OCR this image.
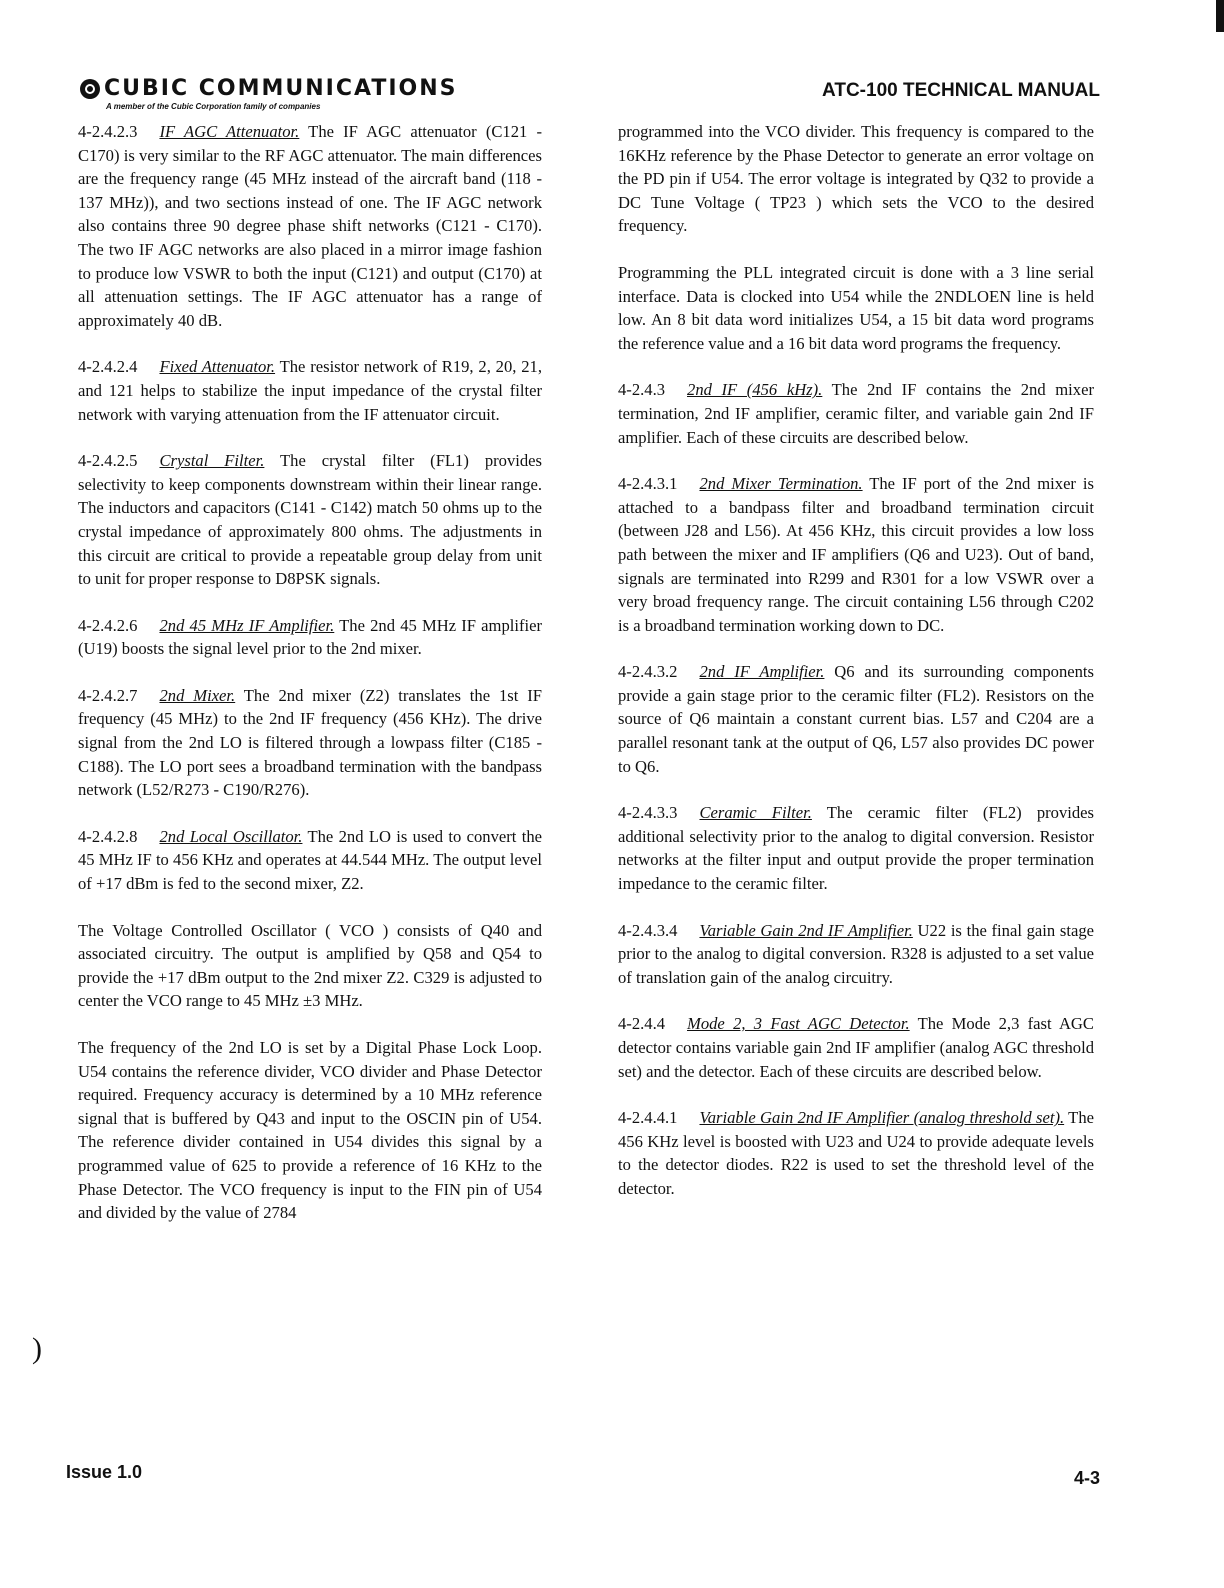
CUBIC COMMUNICATIONS
A member of the Cubic Corporation family of companies
ATC-100 TECHNICAL MANUAL

4-2.4.2.3 IF AGC Attenuator. The IF AGC attenuator (C121 - C170) is very similar to the RF AGC attenuator. The main differences are the frequency range (45 MHz instead of the aircraft band (118 - 137 MHz)), and two sections instead of one. The IF AGC network also contains three 90 degree phase shift networks (C121 - C170). The two IF AGC networks are also placed in a mirror image fashion to produce low VSWR to both the input (C121) and output (C170) at all attenuation settings. The IF AGC attenuator has a range of approximately 40 dB.

4-2.4.2.4 Fixed Attenuator. The resistor network of R19, 2, 20, 21, and 121 helps to stabilize the input impedance of the crystal filter network with varying attenuation from the IF attenuator circuit.

4-2.4.2.5 Crystal Filter. The crystal filter (FL1) provides selectivity to keep components downstream within their linear range. The inductors and capacitors (C141 - C142) match 50 ohms up to the crystal impedance of approximately 800 ohms. The adjustments in this circuit are critical to provide a repeatable group delay from unit to unit for proper response to D8PSK signals.

4-2.4.2.6 2nd 45 MHz IF Amplifier. The 2nd 45 MHz IF amplifier (U19) boosts the signal level prior to the 2nd mixer.

4-2.4.2.7 2nd Mixer. The 2nd mixer (Z2) translates the 1st IF frequency (45 MHz) to the 2nd IF frequency (456 KHz). The drive signal from the 2nd LO is filtered through a lowpass filter (C185 - C188). The LO port sees a broadband termination with the bandpass network (L52/R273 - C190/R276).

4-2.4.2.8 2nd Local Oscillator. The 2nd LO is used to convert the 45 MHz IF to 456 KHz and operates at 44.544 MHz. The output level of +17 dBm is fed to the second mixer, Z2.

The Voltage Controlled Oscillator ( VCO ) consists of Q40 and associated circuitry. The output is amplified by Q58 and Q54 to provide the +17 dBm output to the 2nd mixer Z2. C329 is adjusted to center the VCO range to 45 MHz ±3 MHz.

The frequency of the 2nd LO is set by a Digital Phase Lock Loop. U54 contains the reference divider, VCO divider and Phase Detector required. Frequency accuracy is determined by a 10 MHz reference signal that is buffered by Q43 and input to the OSCIN pin of U54. The reference divider contained in U54 divides this signal by a programmed value of 625 to provide a reference of 16 KHz to the Phase Detector. The VCO frequency is input to the FIN pin of U54 and divided by the value of 2784

)

programmed into the VCO divider. This frequency is compared to the 16KHz reference by the Phase Detector to generate an error voltage on the PD pin if U54. The error voltage is integrated by Q32 to provide a DC Tune Voltage ( TP23 ) which sets the VCO to the desired frequency.

Programming the PLL integrated circuit is done with a 3 line serial interface. Data is clocked into U54 while the 2NDLOEN line is held low. An 8 bit data word initializes U54, a 15 bit data word programs the reference value and a 16 bit data word programs the frequency.

4-2.4.3 2nd IF (456 kHz). The 2nd IF contains the 2nd mixer termination, 2nd IF amplifier, ceramic filter, and variable gain 2nd IF amplifier. Each of these circuits are described below.

4-2.4.3.1 2nd Mixer Termination. The IF port of the 2nd mixer is attached to a bandpass filter and broadband termination circuit (between J28 and L56). At 456 KHz, this circuit provides a low loss path between the mixer and IF amplifiers (Q6 and U23). Out of band, signals are terminated into R299 and R301 for a low VSWR over a very broad frequency range. The circuit containing L56 through C202 is a broadband termination working down to DC.

4-2.4.3.2 2nd IF Amplifier. Q6 and its surrounding components provide a gain stage prior to the ceramic filter (FL2). Resistors on the source of Q6 maintain a constant current bias. L57 and C204 are a parallel resonant tank at the output of Q6, L57 also provides DC power to Q6.

4-2.4.3.3 Ceramic Filter. The ceramic filter (FL2) provides additional selectivity prior to the analog to digital conversion. Resistor networks at the filter input and output provide the proper termination impedance to the ceramic filter.

4-2.4.3.4 Variable Gain 2nd IF Amplifier. U22 is the final gain stage prior to the analog to digital conversion. R328 is adjusted to a set value of translation gain of the analog circuitry.

4-2.4.4 Mode 2, 3 Fast AGC Detector. The Mode 2,3 fast AGC detector contains variable gain 2nd IF amplifier (analog AGC threshold set) and the detector. Each of these circuits are described below.

4-2.4.4.1 Variable Gain 2nd IF Amplifier (analog threshold set). The 456 KHz level is boosted with U23 and U24 to provide adequate levels to the detector diodes. R22 is used to set the threshold level of the detector.

Issue 1.0	4-3
